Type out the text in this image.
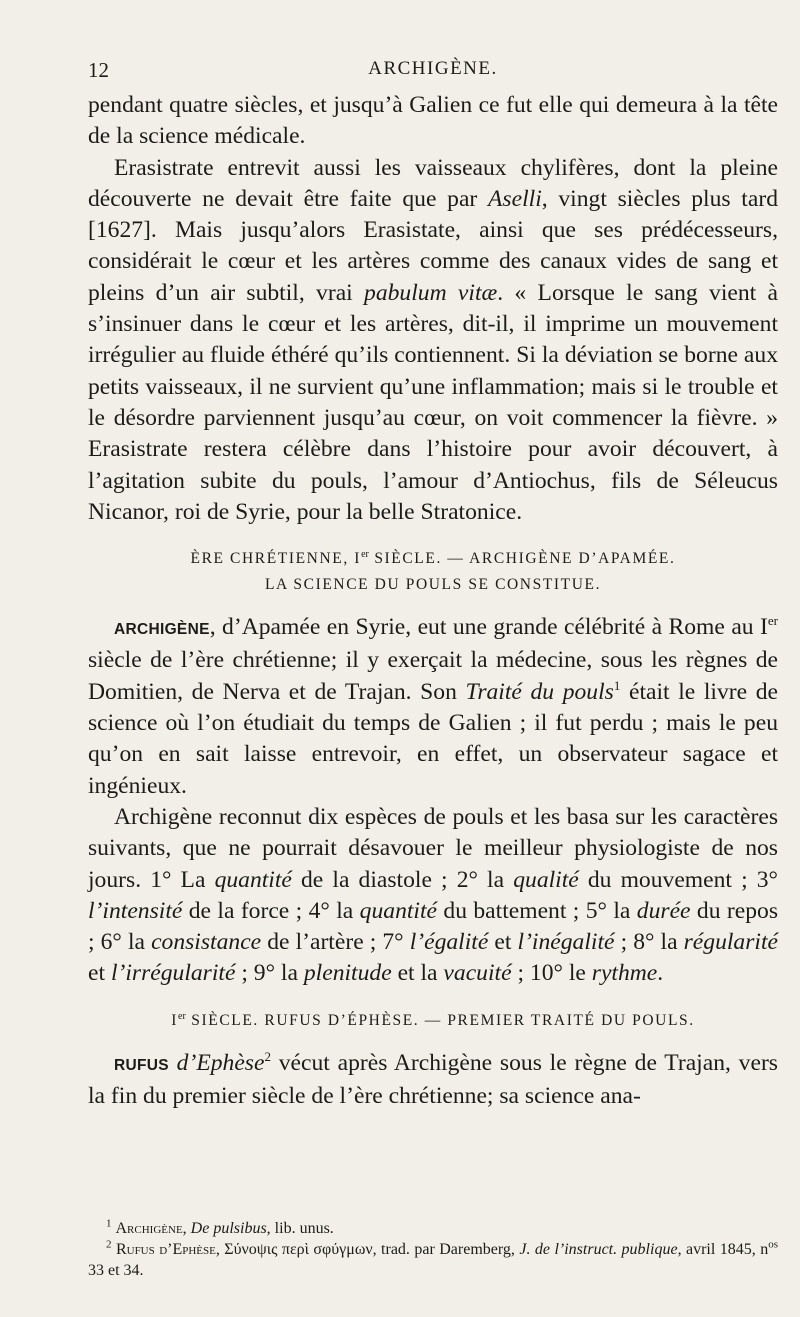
12	ARCHIGÈNE.

pendant quatre siècles, et jusqu’à Galien ce fut elle qui demeura à la tête de la science médicale.

Erasistrate entrevit aussi les vaisseaux chylifères, dont la pleine découverte ne devait être faite que par Aselli, vingt siècles plus tard [1627]. Mais jusqu’alors Erasistate, ainsi que ses prédécesseurs, considérait le cœur et les artères comme des canaux vides de sang et pleins d’un air subtil, vrai pabulum vitæ. « Lorsque le sang vient à s’insinuer dans le cœur et les artères, dit-il, il imprime un mouvement irrégulier au fluide éthéré qu’ils contiennent. Si la déviation se borne aux petits vaisseaux, il ne survient qu’une inflammation; mais si le trouble et le désordre parviennent jusqu’au cœur, on voit commencer la fièvre. » Erasistrate restera célèbre dans l’histoire pour avoir découvert, à l’agitation subite du pouls, l’amour d’Antiochus, fils de Séleucus Nicanor, roi de Syrie, pour la belle Stratonice.

ÈRE CHRÉTIENNE, Ier SIÈCLE. — ARCHIGÈNE D’APAMÉE.

LA SCIENCE DU POULS SE CONSTITUE.

ARCHIGÈNE, d’Apamée en Syrie, eut une grande célébrité à Rome au Ier siècle de l’ère chrétienne; il y exerçait la médecine, sous les règnes de Domitien, de Nerva et de Trajan. Son Traité du pouls$^1$ était le livre de science où l’on étudiait du temps de Galien ; il fut perdu ; mais le peu qu’on en sait laisse entrevoir, en effet, un observateur sagace et ingénieux.

Archigène reconnut dix espèces de pouls et les basa sur les caractères suivants, que ne pourrait désavouer le meilleur physiologiste de nos jours. 1° La quantité de la diastole ; 2° la qualité du mouvement ; 3° l’intensité de la force ; 4° la quantité du battement ; 5° la durée du repos ; 6° la consistance de l’artère ; 7° l’égalité et l’inégalité ; 8° la régularité et l’irrégularité ; 9° la plenitude et la vacuité ; 10° le rythme.

Ier SIÈCLE. RUFUS D’ÉPHÈSE. — PREMIER TRAITÉ DU POULS.

RUFUS d’Ephèse$^2$ vécut après Archigène sous le règne de Trajan, vers la fin du premier siècle de l’ère chrétienne; sa science ana-

$^1$ Archigène, De pulsibus, lib. unus.

$^2$ Rufus d’Ephèse, Σύνοψις περὶ σφύγμων, trad. par Daremberg, J. de l’instruct. publique, avril 1845, $n^{os}$ 33 et 34.
